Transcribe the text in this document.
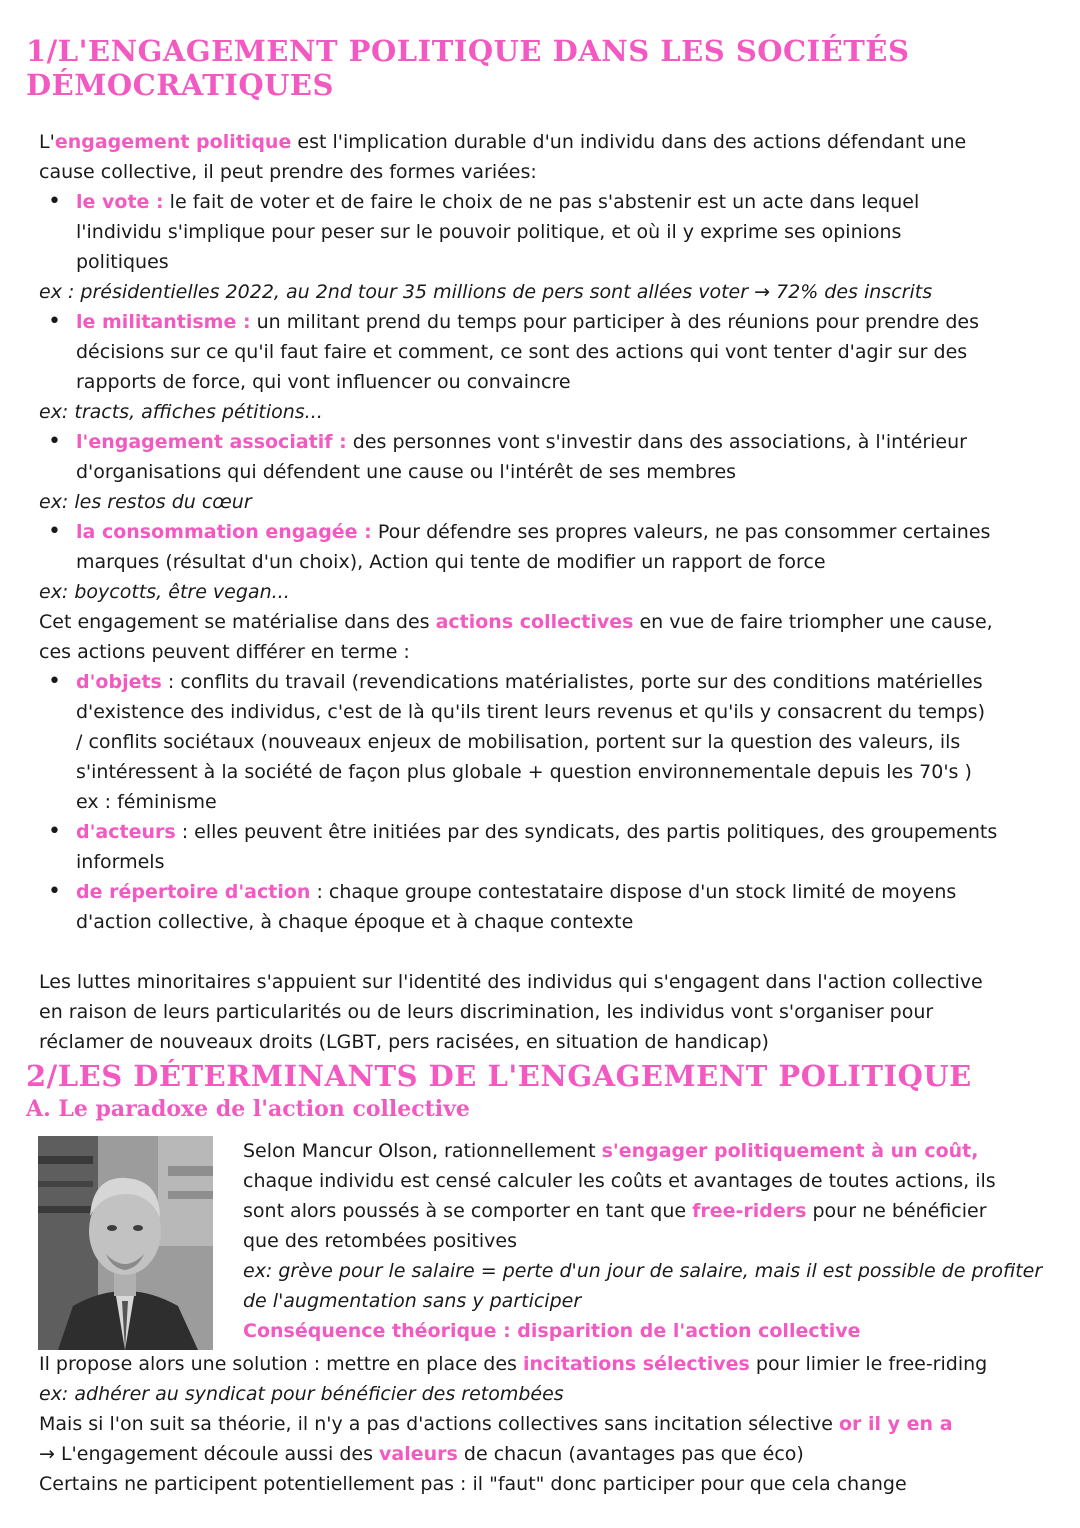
1/L'ENGAGEMENT POLITIQUE DANS LES SOCIÉTÉS
DÉMOCRATIQUES
L'engagement politique est l'implication durable d'un individu dans des actions défendant une
cause collective, il peut prendre des formes variées:
• le vote : le fait de voter et de faire le choix de ne pas s'abstenir est un acte dans lequel
l'individu s'implique pour peser sur le pouvoir politique, et où il y exprime ses opinions
politiques
ex : présidentielles 2022, au 2nd tour 35 millions de pers sont allées voter → 72% des inscrits
• le militantisme : un militant prend du temps pour participer à des réunions pour prendre des
décisions sur ce qu'il faut faire et comment, ce sont des actions qui vont tenter d'agir sur des
rapports de force, qui vont influencer ou convaincre
ex: tracts, affiches pétitions...
• l'engagement associatif : des personnes vont s'investir dans des associations, à l'intérieur
d'organisations qui défendent une cause ou l'intérêt de ses membres
ex: les restos du cœur
• la consommation engagée : Pour défendre ses propres valeurs, ne pas consommer certaines
marques (résultat d'un choix), Action qui tente de modifier un rapport de force
ex: boycotts, être vegan...
Cet engagement se matérialise dans des actions collectives en vue de faire triompher une cause,
ces actions peuvent différer en terme :
• d'objets : conflits du travail (revendications matérialistes, porte sur des conditions matérielles
d'existence des individus, c'est de là qu'ils tirent leurs revenus et qu'ils y consacrent du temps)
/ conflits sociétaux (nouveaux enjeux de mobilisation, portent sur la question des valeurs, ils
s'intéressent à la société de façon plus globale + question environnementale depuis les 70's )
ex : féminisme
• d'acteurs : elles peuvent être initiées par des syndicats, des partis politiques, des groupements
informels
• de répertoire d'action : chaque groupe contestataire dispose d'un stock limité de moyens
d'action collective, à chaque époque et à chaque contexte
Les luttes minoritaires s'appuient sur l'identité des individus qui s'engagent dans l'action collective
en raison de leurs particularités ou de leurs discrimination, les individus vont s'organiser pour
réclamer de nouveaux droits (LGBT, pers racisées, en situation de handicap)
2/LES DÉTERMINANTS DE L'ENGAGEMENT POLITIQUE
A. Le paradoxe de l'action collective
Selon Mancur Olson, rationnellement s'engager politiquement à un coût,
chaque individu est censé calculer les coûts et avantages de toutes actions, ils
sont alors poussés à se comporter en tant que free-riders pour ne bénéficier
que des retombées positives
ex: grève pour le salaire = perte d'un jour de salaire, mais il est possible de profiter
de l'augmentation sans y participer
Conséquence théorique : disparition de l'action collective
Il propose alors une solution : mettre en place des incitations sélectives pour limier le free-riding
ex: adhérer au syndicat pour bénéficier des retombées
Mais si l'on suit sa théorie, il n'y a pas d'actions collectives sans incitation sélective or il y en a
→ L'engagement découle aussi des valeurs de chacun (avantages pas que éco)
Certains ne participent potentiellement pas : il "faut" donc participer pour que cela change
